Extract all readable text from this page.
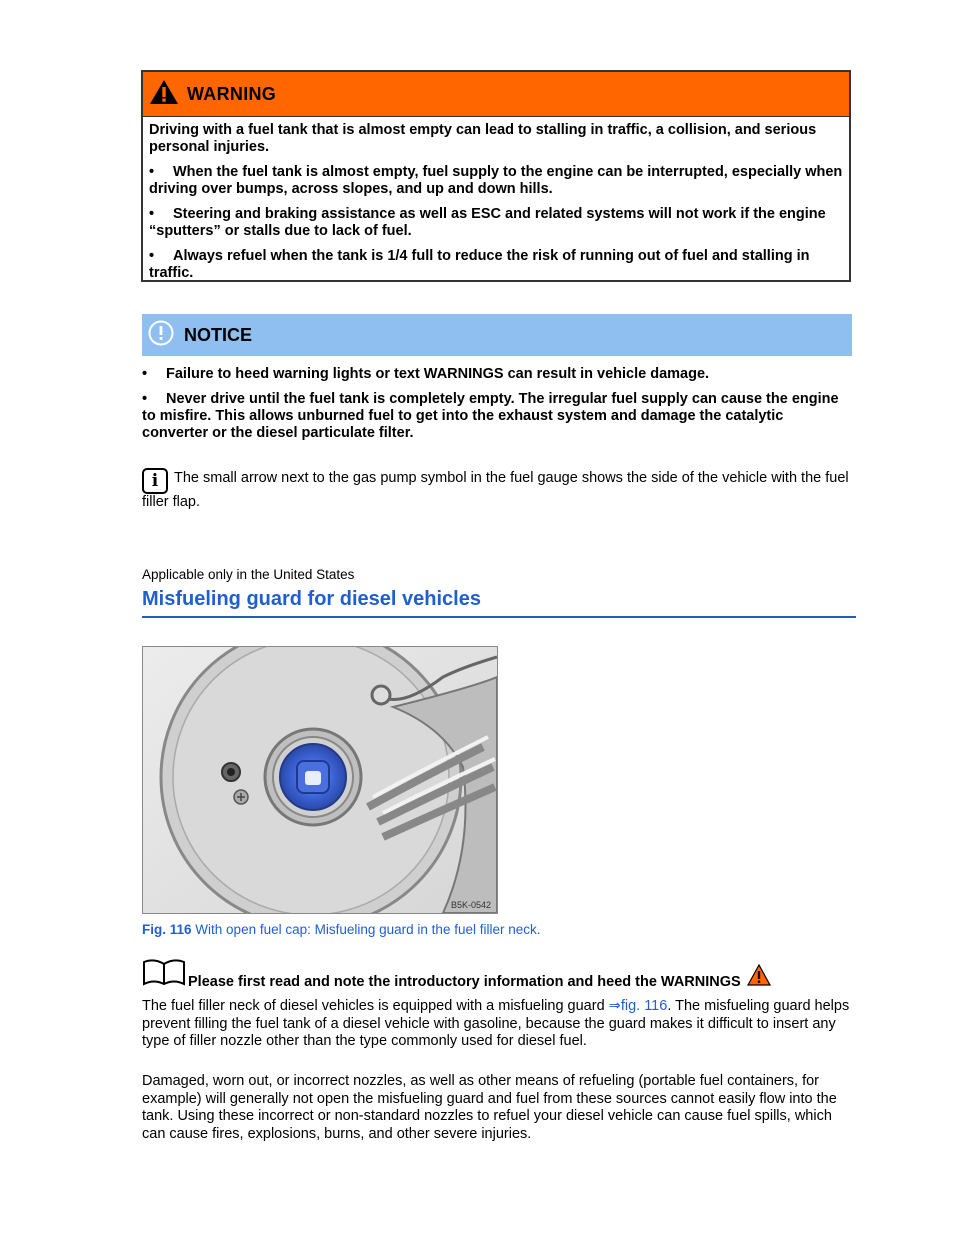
WARNING

Driving with a fuel tank that is almost empty can lead to stalling in traffic, a collision, and serious personal injuries.

• When the fuel tank is almost empty, fuel supply to the engine can be interrupted, especially when driving over bumps, across slopes, and up and down hills.

• Steering and braking assistance as well as ESC and related systems will not work if the engine “sputters” or stalls due to lack of fuel.

• Always refuel when the tank is 1/4 full to reduce the risk of running out of fuel and stalling in traffic.

NOTICE

• Failure to heed warning lights or text WARNINGS can result in vehicle damage.

• Never drive until the fuel tank is completely empty. The irregular fuel supply can cause the engine to misfire. This allows unburned fuel to get into the exhaust system and damage the catalytic converter or the diesel particulate filter.

i The small arrow next to the gas pump symbol in the fuel gauge shows the side of the vehicle with the fuel filler flap.
Applicable only in the United States
Misfueling guard for diesel vehicles
B5K-0542
Fig. 116 With open fuel cap: Misfueling guard in the fuel filler neck.
Please first read and note the introductory information and heed the WARNINGS

The fuel filler neck of diesel vehicles is equipped with a misfueling guard ⇒fig. 116. The misfueling guard helps prevent filling the fuel tank of a diesel vehicle with gasoline, because the guard makes it difficult to insert any type of filler nozzle other than the type commonly used for diesel fuel.

Damaged, worn out, or incorrect nozzles, as well as other means of refueling (portable fuel containers, for example) will generally not open the misfueling guard and fuel from these sources cannot easily flow into the tank. Using these incorrect or non-standard nozzles to refuel your diesel vehicle can cause fuel spills, which can cause fires, explosions, burns, and other severe injuries.
